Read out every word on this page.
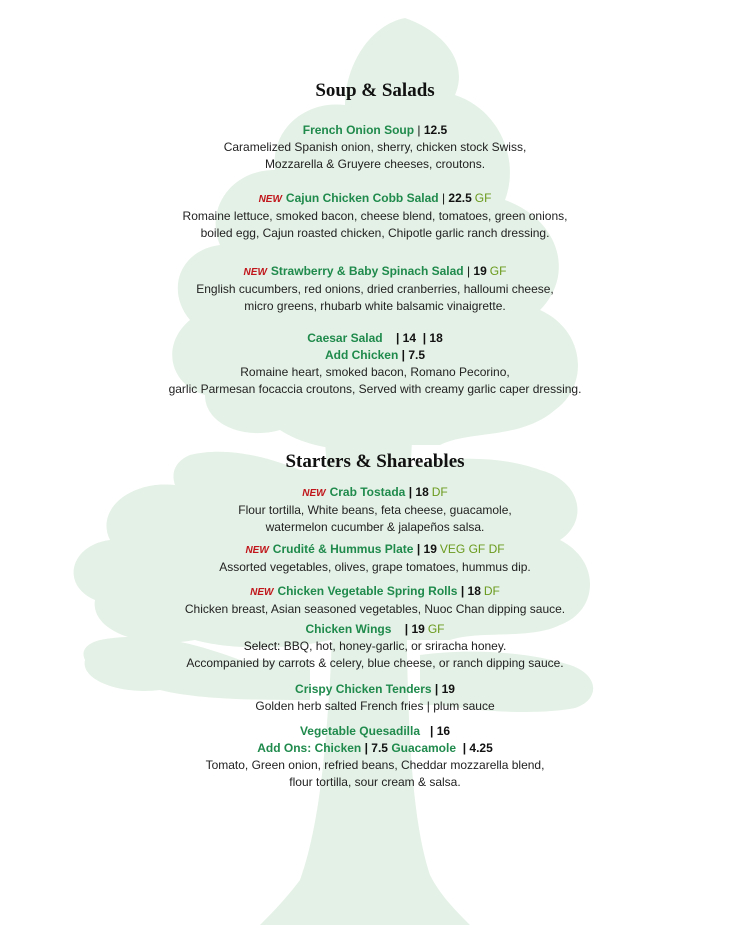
Soup & Salads
French Onion Soup | 12.5
Caramelized Spanish onion, sherry, chicken stock Swiss,
Mozzarella & Gruyere cheeses, croutons.
NEW Cajun Chicken Cobb Salad | 22.5 GF
Romaine lettuce, smoked bacon, cheese blend, tomatoes, green onions,
boiled egg, Cajun roasted chicken, Chipotle garlic ranch dressing.
NEW Strawberry & Baby Spinach Salad | 19 GF
English cucumbers, red onions, dried cranberries, halloumi cheese,
micro greens, rhubarb white balsamic vinaigrette.
Caesar Salad    | 14  | 18
Add Chicken | 7.5
Romaine heart, smoked bacon, Romano Pecorino,
garlic Parmesan focaccia croutons, Served with creamy garlic caper dressing.
Starters & Shareables
NEW Crab Tostada | 18 DF
Flour tortilla, White beans, feta cheese, guacamole,
watermelon cucumber & jalapeños salsa.
NEW Crudité & Hummus Plate | 19 VEG GF DF
Assorted vegetables, olives, grape tomatoes, hummus dip.
NEW Chicken Vegetable Spring Rolls | 18 DF
Chicken breast, Asian seasoned vegetables, Nuoc Chan dipping sauce.
Chicken Wings    | 19 GF
Select: BBQ, hot, honey-garlic, or sriracha honey.
Accompanied by carrots & celery, blue cheese, or ranch dipping sauce.
Crispy Chicken Tenders | 19
Golden herb salted French fries | plum sauce
Vegetable Quesadilla   | 16
Add Ons: Chicken | 7.5 Guacamole  | 4.25
Tomato, Green onion, refried beans, Cheddar mozzarella blend,
flour tortilla, sour cream & salsa.
